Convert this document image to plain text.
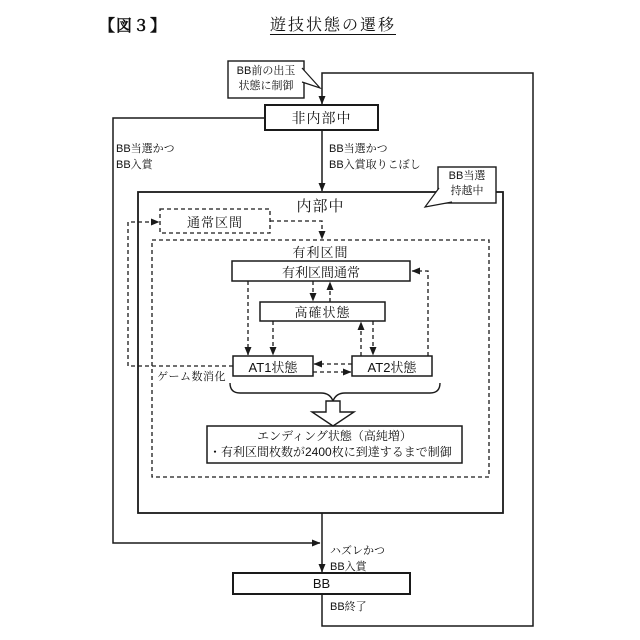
【図３】	遊技状態の遷移
BB前の出玉
状態に制御
非内部中
BB当選かつ
BB入賞
BB当選かつ
BB入賞取りこぼし
BB当選
持越中
内部中
通常区間
有利区間
有利区間通常
高確状態
AT1状態	AT2状態
ゲーム数消化
エンディング状態（高純増）
・有利区間枚数が2400枚に到達するまで制御
ハズレかつ
BB入賞
BB
BB終了
